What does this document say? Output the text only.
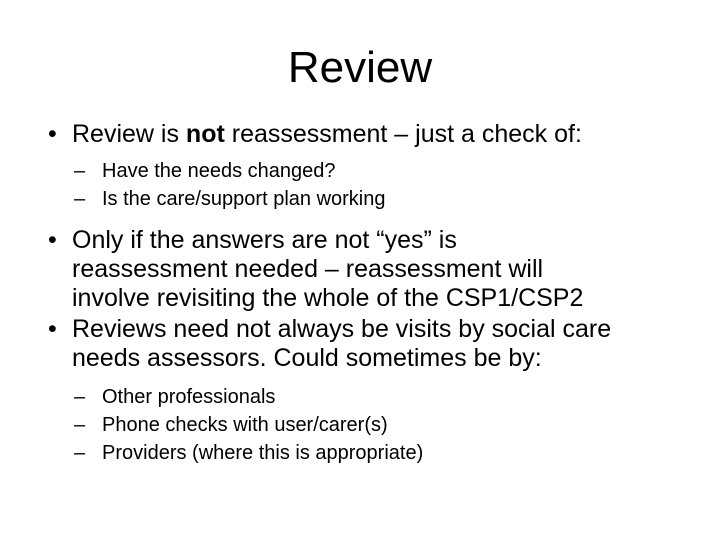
Review
• Review is not reassessment – just a check of:
– Have the needs changed?
– Is the care/support plan working
• Only if the answers are not “yes” is
reassessment needed – reassessment will
involve revisiting the whole of the CSP1/CSP2
• Reviews need not always be visits by social care
needs assessors. Could sometimes be by:
– Other professionals
– Phone checks with user/carer(s)
– Providers (where this is appropriate)
